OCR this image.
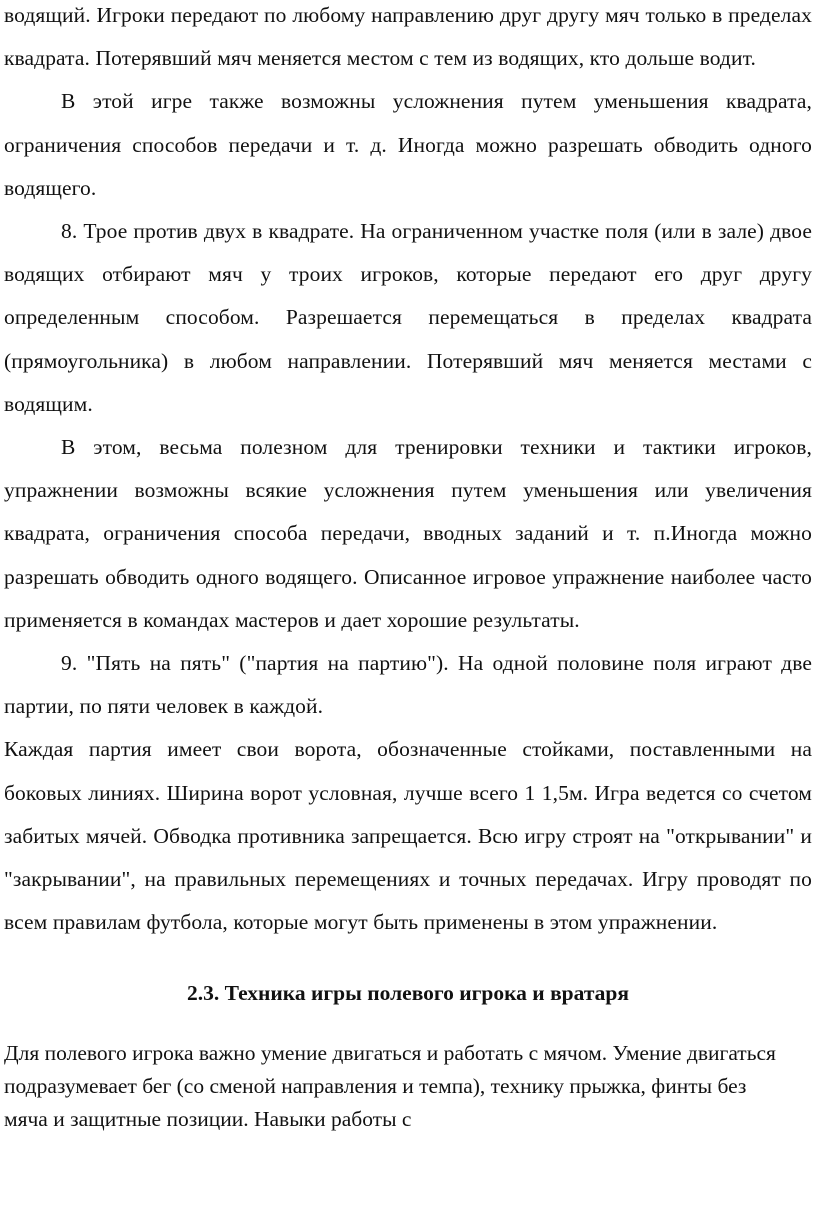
водящий. Игроки передают по любому направлению друг другу мяч только в пределах квадрата. Потерявший мяч меняется местом с тем из водящих, кто дольше водит.

В этой игре также возможны усложнения путем уменьшения квадрата, ограничения способов передачи и т. д. Иногда можно разрешать обводить одного водящего.

8. Трое против двух в квадрате. На ограниченном участке поля (или в зале) двое водящих отбирают мяч у троих игроков, которые передают его друг другу определенным способом. Разрешается перемещаться в пределах квадрата (прямоугольника) в любом направлении. Потерявший мяч меняется местами с водящим.

В этом, весьма полезном для тренировки техники и тактики игроков, упражнении возможны всякие усложнения путем уменьшения или увеличения квадрата, ограничения способа передачи, вводных заданий и т. п.Иногда можно разрешать обводить одного водящего. Описанное игровое упражнение наиболее часто применяется в командах мастеров и дает хорошие результаты.

9. "Пять на пять" ("партия на партию"). На одной половине поля играют две партии, по пяти человек в каждой.

Каждая партия имеет свои ворота, обозначенные стойками, поставленными на боковых линиях. Ширина ворот условная, лучше всего 1 1,5м. Игра ведется со счетом забитых мячей. Обводка противника запрещается. Всю игру строят на "открывании" и "закрывании", на правильных перемещениях и точных передачах. Игру проводят по всем правилам футбола, которые могут быть применены в этом упражнении.

2.3. Техника игры полевого игрока и вратаря

Для полевого игрока важно умение двигаться и работать с мячом. Умение двигаться подразумевает бег (со сменой направления и темпа), технику прыжка, финты без мяча и защитные позиции. Навыки работы с
